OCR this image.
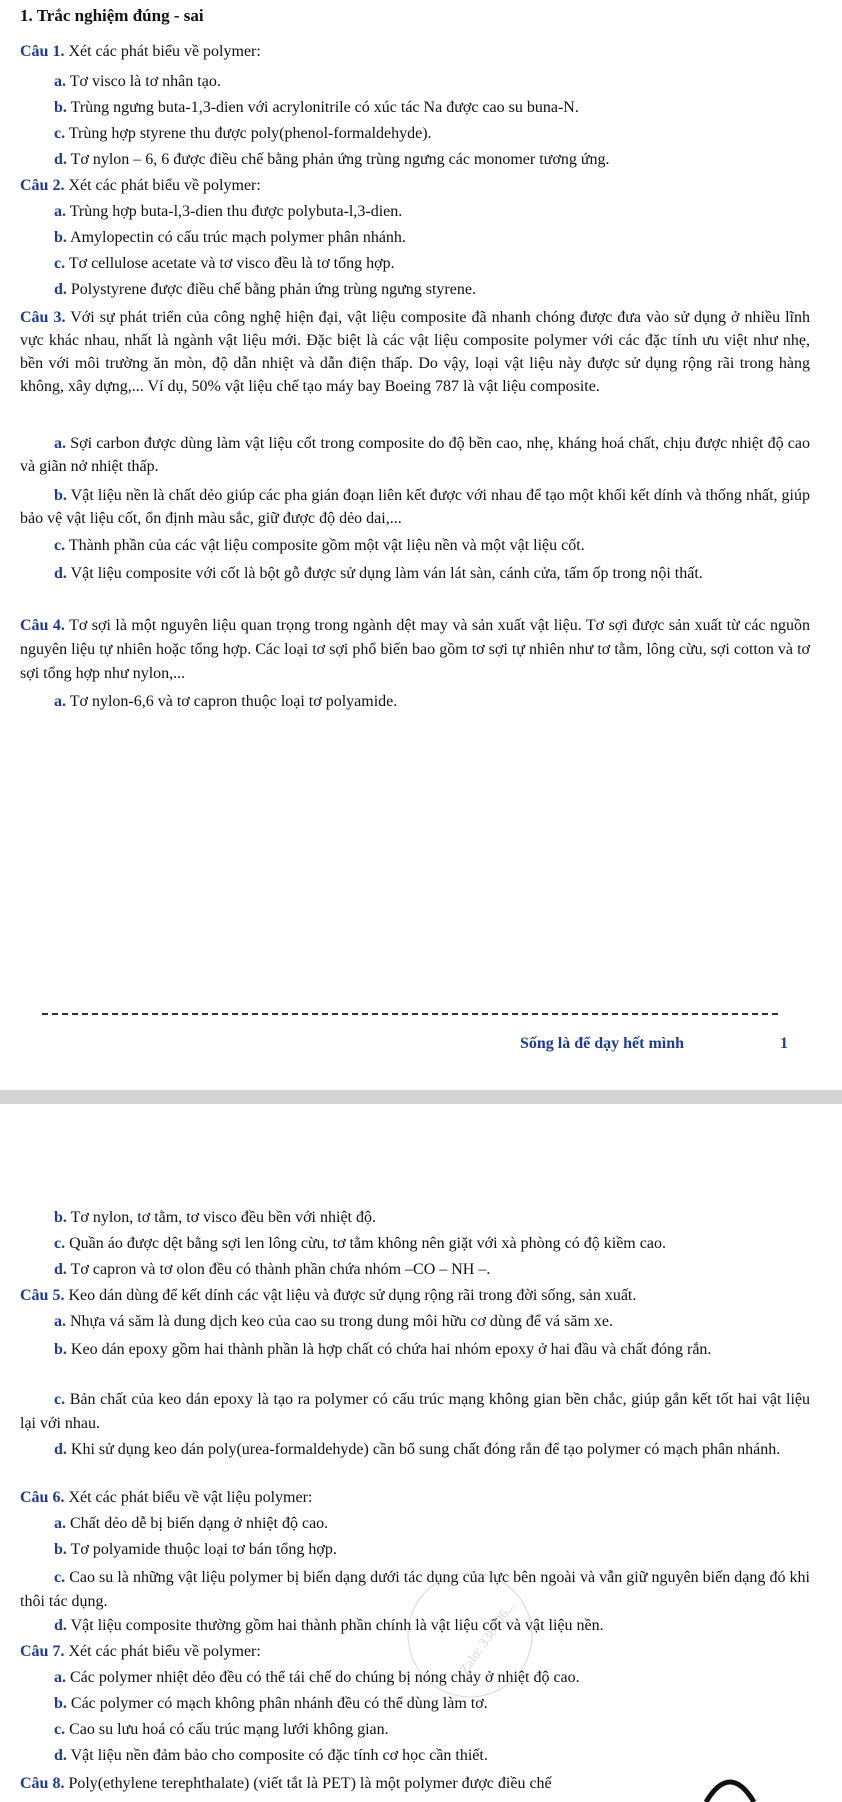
1. Trắc nghiệm đúng - sai
Câu 1. Xét các phát biểu về polymer:
a. Tơ visco là tơ nhân tạo.
b. Trùng ngưng buta-1,3-dien với acrylonitrile có xúc tác Na được cao su buna-N.
c. Trùng hợp styrene thu được poly(phenol-formaldehyde).
d. Tơ nylon – 6, 6 được điều chế bằng phản ứng trùng ngưng các monomer tương ứng.
Câu 2. Xét các phát biểu về polymer:
a. Trùng hợp buta-l,3-dien thu được polybuta-l,3-dien.
b. Amylopectin có cấu trúc mạch polymer phân nhánh.
c. Tơ cellulose acetate và tơ visco đều là tơ tổng hợp.
d. Polystyrene được điều chế bằng phản ứng trùng ngưng styrene.
Câu 3. Với sự phát triển của công nghệ hiện đại, vật liệu composite đã nhanh chóng được đưa vào sử dụng ở nhiều lĩnh vực khác nhau, nhất là ngành vật liệu mới. Đặc biệt là các vật liệu composite polymer với các đặc tính ưu việt như nhẹ, bền với môi trường ăn mòn, độ dẫn nhiệt và dẫn điện thấp. Do vậy, loại vật liệu này được sử dụng rộng rãi trong hàng không, xây dựng,... Ví dụ, 50% vật liệu chế tạo máy bay Boeing 787 là vật liệu composite.
a. Sợi carbon được dùng làm vật liệu cốt trong composite do độ bền cao, nhẹ, kháng hoá chất, chịu được nhiệt độ cao và giãn nở nhiệt thấp.
b. Vật liệu nền là chất dẻo giúp các pha gián đoạn liên kết được với nhau để tạo một khối kết dính và thống nhất, giúp bảo vệ vật liệu cốt, ổn định màu sắc, giữ được độ dẻo dai,...
c. Thành phần của các vật liệu composite gồm một vật liệu nền và một vật liệu cốt.
d. Vật liệu composite với cốt là bột gỗ được sử dụng làm ván lát sàn, cánh cửa, tấm ốp trong nội thất.
Câu 4. Tơ sợi là một nguyên liệu quan trọng trong ngành dệt may và sản xuất vật liệu. Tơ sợi được sản xuất từ các nguồn nguyên liệu tự nhiên hoặc tổng hợp. Các loại tơ sợi phổ biến bao gồm tơ sợi tự nhiên như tơ tằm, lông cừu, sợi cotton và tơ sợi tổng hợp như nylon,...
a. Tơ nylon-6,6 và tơ capron thuộc loại tơ polyamide.
Sống là để dạy hết mình	1
b. Tơ nylon, tơ tằm, tơ visco đều bền với nhiệt độ.
c. Quần áo được dệt bằng sợi len lông cừu, tơ tằm không nên giặt với xà phòng có độ kiềm cao.
d. Tơ capron và tơ olon đều có thành phần chứa nhóm –CO – NH –.
Câu 5. Keo dán dùng để kết dính các vật liệu và được sử dụng rộng rãi trong đời sống, sản xuất.
a. Nhựa vá săm là dung dịch keo của cao su trong dung môi hữu cơ dùng để vá săm xe.
b. Keo dán epoxy gồm hai thành phần là hợp chất có chứa hai nhóm epoxy ở hai đầu và chất đóng rắn.
c. Bản chất của keo dán epoxy là tạo ra polymer có cấu trúc mạng không gian bền chắc, giúp gắn kết tốt hai vật liệu lại với nhau.
d. Khi sử dụng keo dán poly(urea-formaldehyde) cần bổ sung chất đóng rắn để tạo polymer có mạch phân nhánh.
Câu 6. Xét các phát biểu về vật liệu polymer:
a. Chất dẻo dễ bị biến dạng ở nhiệt độ cao.
b. Tơ polyamide thuộc loại tơ bán tổng hợp.
c. Cao su là những vật liệu polymer bị biến dạng dưới tác dụng của lực bên ngoài và vẫn giữ nguyên biến dạng đó khi thôi tác dụng.
d. Vật liệu composite thường gồm hai thành phần chính là vật liệu cốt và vật liệu nền.
Câu 7. Xét các phát biểu về polymer:
a. Các polymer nhiệt dẻo đều có thể tái chế do chúng bị nóng chảy ở nhiệt độ cao.
b. Các polymer có mạch không phân nhánh đều có thể dùng làm tơ.
c. Cao su lưu hoá có cấu trúc mạng lưới không gian.
d. Vật liệu nền đảm bảo cho composite có đặc tính cơ học cần thiết.
Câu 8. Poly(ethylene terephthalate) (viết tắt là PET) là một polymer được điều chế
Zalo: 338006...
